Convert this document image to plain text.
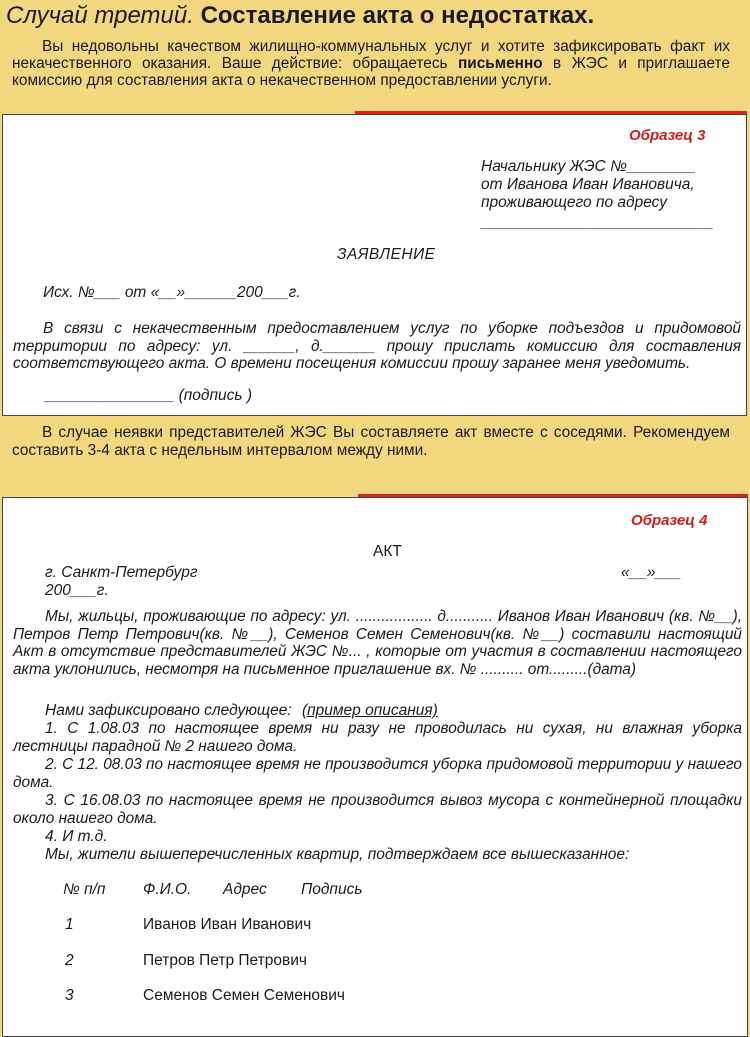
Случай третий. Составление акта о недостатках.
Вы недовольны качеством жилищно-коммунальных услуг и хотите зафиксировать факт их некачественного оказания. Ваше действие: обращаетесь письменно в ЖЭС и приглашаете комиссию для составления акта о некачественном предоставлении услуги.
Образец 3
Начальнику ЖЭС №________
от Иванова Иван Ивановича,
проживающего по адресу
___________________________
ЗАЯВЛЕНИЕ
Исх. №___ от «__»______200___г.
В связи с некачественным предоставлением услуг по уборке подъездов и придомовой территории по адресу: ул. ______, д.______ прошу прислать комиссию для составления соответствующего акта. О времени посещения комиссии прошу заранее меня уведомить.
_______________ (подпись )
В случае неявки представителей ЖЭС Вы составляете акт вместе с соседями. Рекомендуем составить 3-4 акта с недельным интервалом между ними.
Образец 4
АКТ
г. Санкт-Петербург	«__»___
200___г.
Мы, жильцы, проживающие по адресу: ул. .................. д........... Иванов Иван Иванович (кв. №__), Петров Петр Петрович(кв. №__), Семенов Семен Семенович(кв. №__) составили настоящий Акт в отсутствие представителей ЖЭС №... , которые от участия в составлении настоящего акта уклонились, несмотря на письменное приглашение вх. № .......... от.........(дата)
Нами зафиксировано следующее: (пример описания)
1. С 1.08.03 по настоящее время ни разу не проводилась ни сухая, ни влажная уборка лестницы парадной № 2 нашего дома.
2. С 12. 08.03 по настоящее время не производится уборка придомовой территории у нашего дома.
3. С 16.08.03 по настоящее время не производится вывоз мусора с контейнерной площадки около нашего дома.
4. И т.д.
Мы, жители вышеперечисленных квартир, подтверждаем все вышесказанное:
№ п/п Ф.И.О. Адрес Подпись
1	Иванов Иван Иванович
2	Петров Петр Петрович
3	Семенов Семен Семенович
